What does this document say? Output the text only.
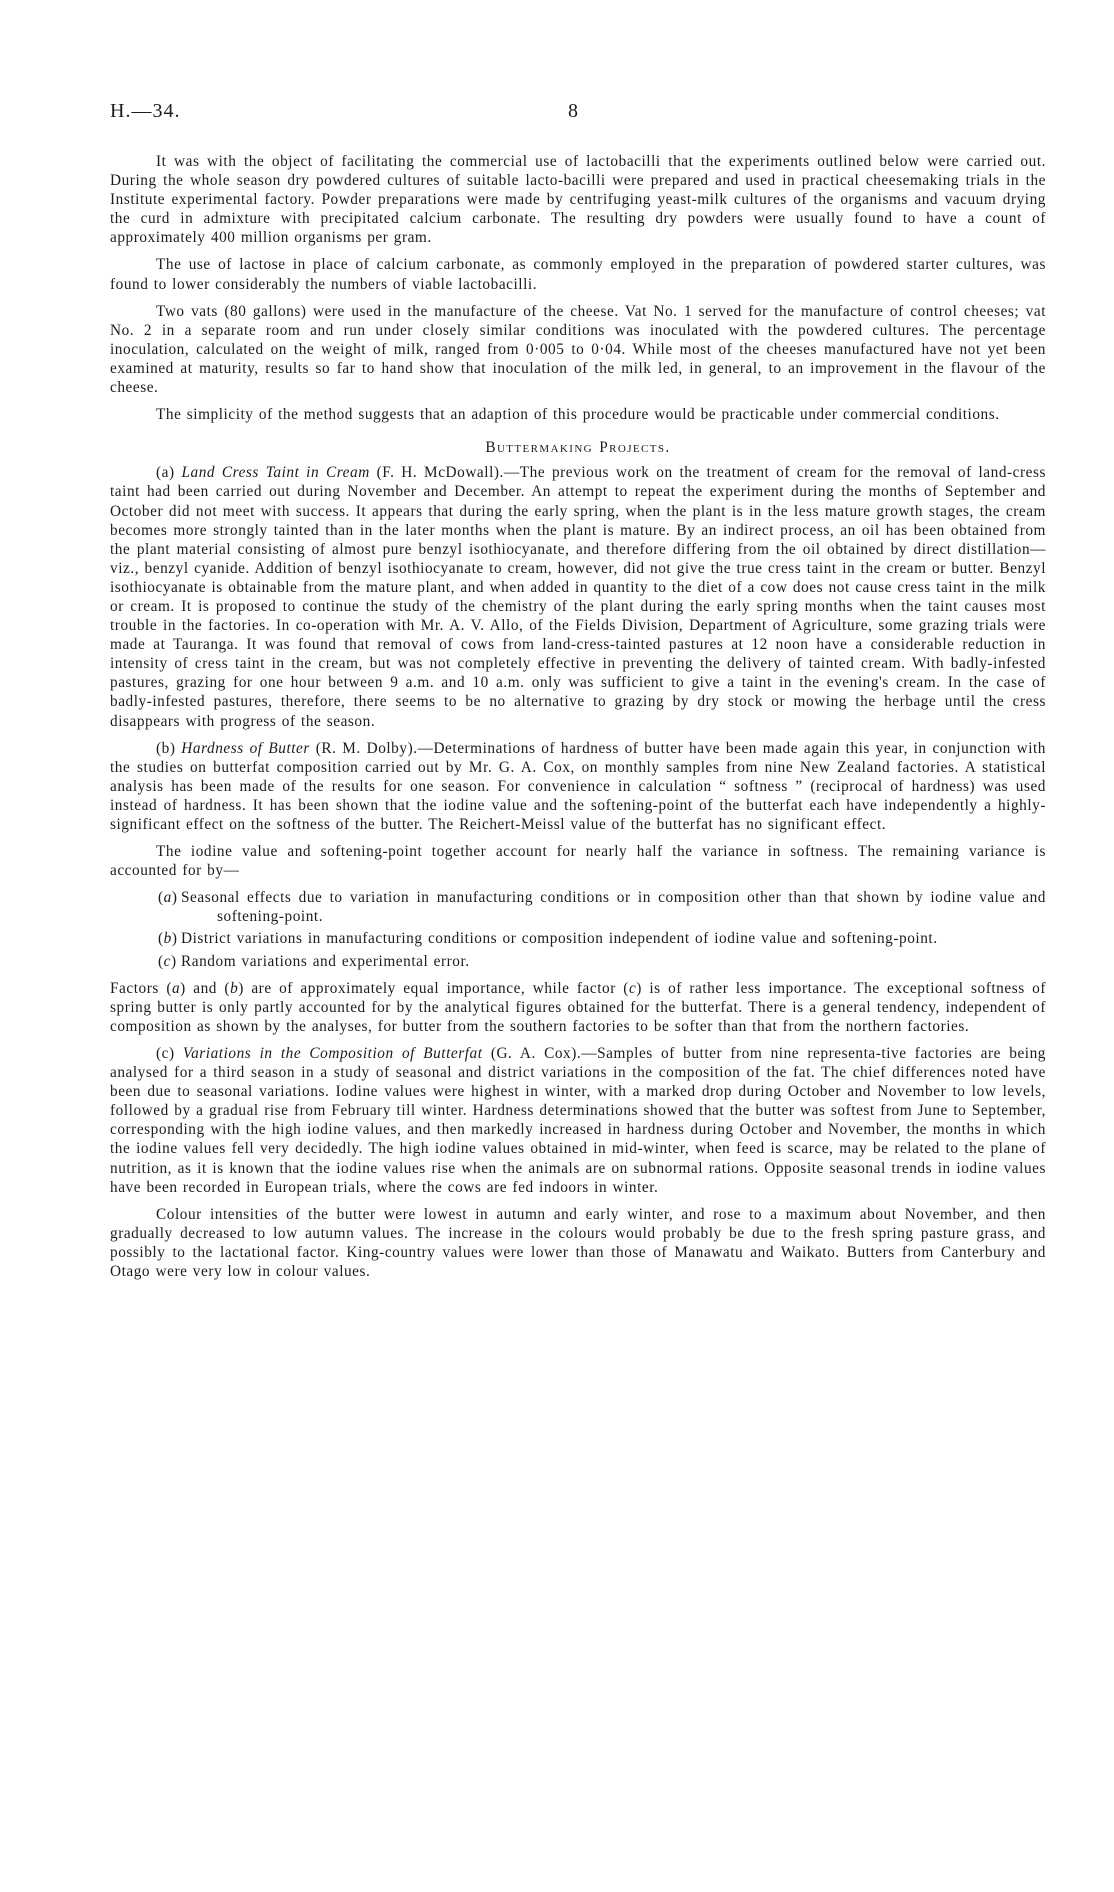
H.—34.	8

It was with the object of facilitating the commercial use of lactobacilli that the experiments outlined below were carried out. During the whole season dry powdered cultures of suitable lacto-bacilli were prepared and used in practical cheesemaking trials in the Institute experimental factory. Powder preparations were made by centrifuging yeast-milk cultures of the organisms and vacuum drying the curd in admixture with precipitated calcium carbonate. The resulting dry powders were usually found to have a count of approximately 400 million organisms per gram.

The use of lactose in place of calcium carbonate, as commonly employed in the preparation of powdered starter cultures, was found to lower considerably the numbers of viable lactobacilli.

Two vats (80 gallons) were used in the manufacture of the cheese. Vat No. 1 served for the manufacture of control cheeses; vat No. 2 in a separate room and run under closely similar conditions was inoculated with the powdered cultures. The percentage inoculation, calculated on the weight of milk, ranged from 0·005 to 0·04. While most of the cheeses manufactured have not yet been examined at maturity, results so far to hand show that inoculation of the milk led, in general, to an improvement in the flavour of the cheese.

The simplicity of the method suggests that an adaption of this procedure would be practicable under commercial conditions.

Buttermaking Projects.

(a) Land Cress Taint in Cream (F. H. McDowall).—The previous work on the treatment of cream for the removal of land-cress taint had been carried out during November and December. An attempt to repeat the experiment during the months of September and October did not meet with success. It appears that during the early spring, when the plant is in the less mature growth stages, the cream becomes more strongly tainted than in the later months when the plant is mature. By an indirect process, an oil has been obtained from the plant material consisting of almost pure benzyl isothiocyanate, and therefore differing from the oil obtained by direct distillation—viz., benzyl cyanide. Addition of benzyl isothiocyanate to cream, however, did not give the true cress taint in the cream or butter. Benzyl isothiocyanate is obtainable from the mature plant, and when added in quantity to the diet of a cow does not cause cress taint in the milk or cream. It is proposed to continue the study of the chemistry of the plant during the early spring months when the taint causes most trouble in the factories. In co-operation with Mr. A. V. Allo, of the Fields Division, Department of Agriculture, some grazing trials were made at Tauranga. It was found that removal of cows from land-cress-tainted pastures at 12 noon have a considerable reduction in intensity of cress taint in the cream, but was not completely effective in preventing the delivery of tainted cream. With badly-infested pastures, grazing for one hour between 9 a.m. and 10 a.m. only was sufficient to give a taint in the evening's cream. In the case of badly-infested pastures, therefore, there seems to be no alternative to grazing by dry stock or mowing the herbage until the cress disappears with progress of the season.

(b) Hardness of Butter (R. M. Dolby).—Determinations of hardness of butter have been made again this year, in conjunction with the studies on butterfat composition carried out by Mr. G. A. Cox, on monthly samples from nine New Zealand factories. A statistical analysis has been made of the results for one season. For convenience in calculation “ softness ” (reciprocal of hardness) was used instead of hardness. It has been shown that the iodine value and the softening-point of the butterfat each have independently a highly-significant effect on the softness of the butter. The Reichert-Meissl value of the butterfat has no significant effect.

The iodine value and softening-point together account for nearly half the variance in softness. The remaining variance is accounted for by—

(a) Seasonal effects due to variation in manufacturing conditions or in composition other than that shown by iodine value and softening-point.
(b) District variations in manufacturing conditions or composition independent of iodine value and softening-point.
(c) Random variations and experimental error.

Factors (a) and (b) are of approximately equal importance, while factor (c) is of rather less importance. The exceptional softness of spring butter is only partly accounted for by the analytical figures obtained for the butterfat. There is a general tendency, independent of composition as shown by the analyses, for butter from the southern factories to be softer than that from the northern factories.

(c) Variations in the Composition of Butterfat (G. A. Cox).—Samples of butter from nine representa-tive factories are being analysed for a third season in a study of seasonal and district variations in the composition of the fat. The chief differences noted have been due to seasonal variations. Iodine values were highest in winter, with a marked drop during October and November to low levels, followed by a gradual rise from February till winter. Hardness determinations showed that the butter was softest from June to September, corresponding with the high iodine values, and then markedly increased in hardness during October and November, the months in which the iodine values fell very decidedly. The high iodine values obtained in mid-winter, when feed is scarce, may be related to the plane of nutrition, as it is known that the iodine values rise when the animals are on subnormal rations. Opposite seasonal trends in iodine values have been recorded in European trials, where the cows are fed indoors in winter.

Colour intensities of the butter were lowest in autumn and early winter, and rose to a maximum about November, and then gradually decreased to low autumn values. The increase in the colours would probably be due to the fresh spring pasture grass, and possibly to the lactational factor. King-country values were lower than those of Manawatu and Waikato. Butters from Canterbury and Otago were very low in colour values.
